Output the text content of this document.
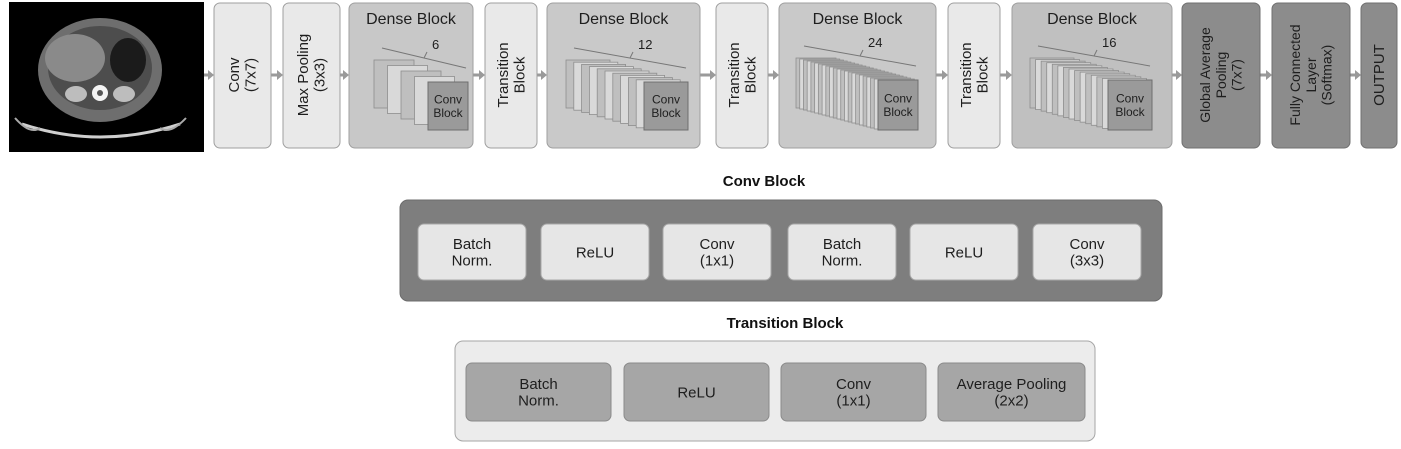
Conv(7x7) Max Pooling(3x3)
Dense Block
Conv Block
6
Dense Block
Conv Block
12
Dense Block
Conv Block
24
Dense Block
Conv Block
16
TransitionBlock	TransitionBlock	TransitionBlock	Global AveragePooling(7x7)	Fully ConnectedLayer(Softmax) OUTPUT
Conv Block
Batch Norm.	ReLU	Conv (1x1)
Batch Norm.	ReLU	Conv (3x3)
Transition Block
Batch Norm.	ReLU	Conv (1x1)
Average Pooling (2x2)
